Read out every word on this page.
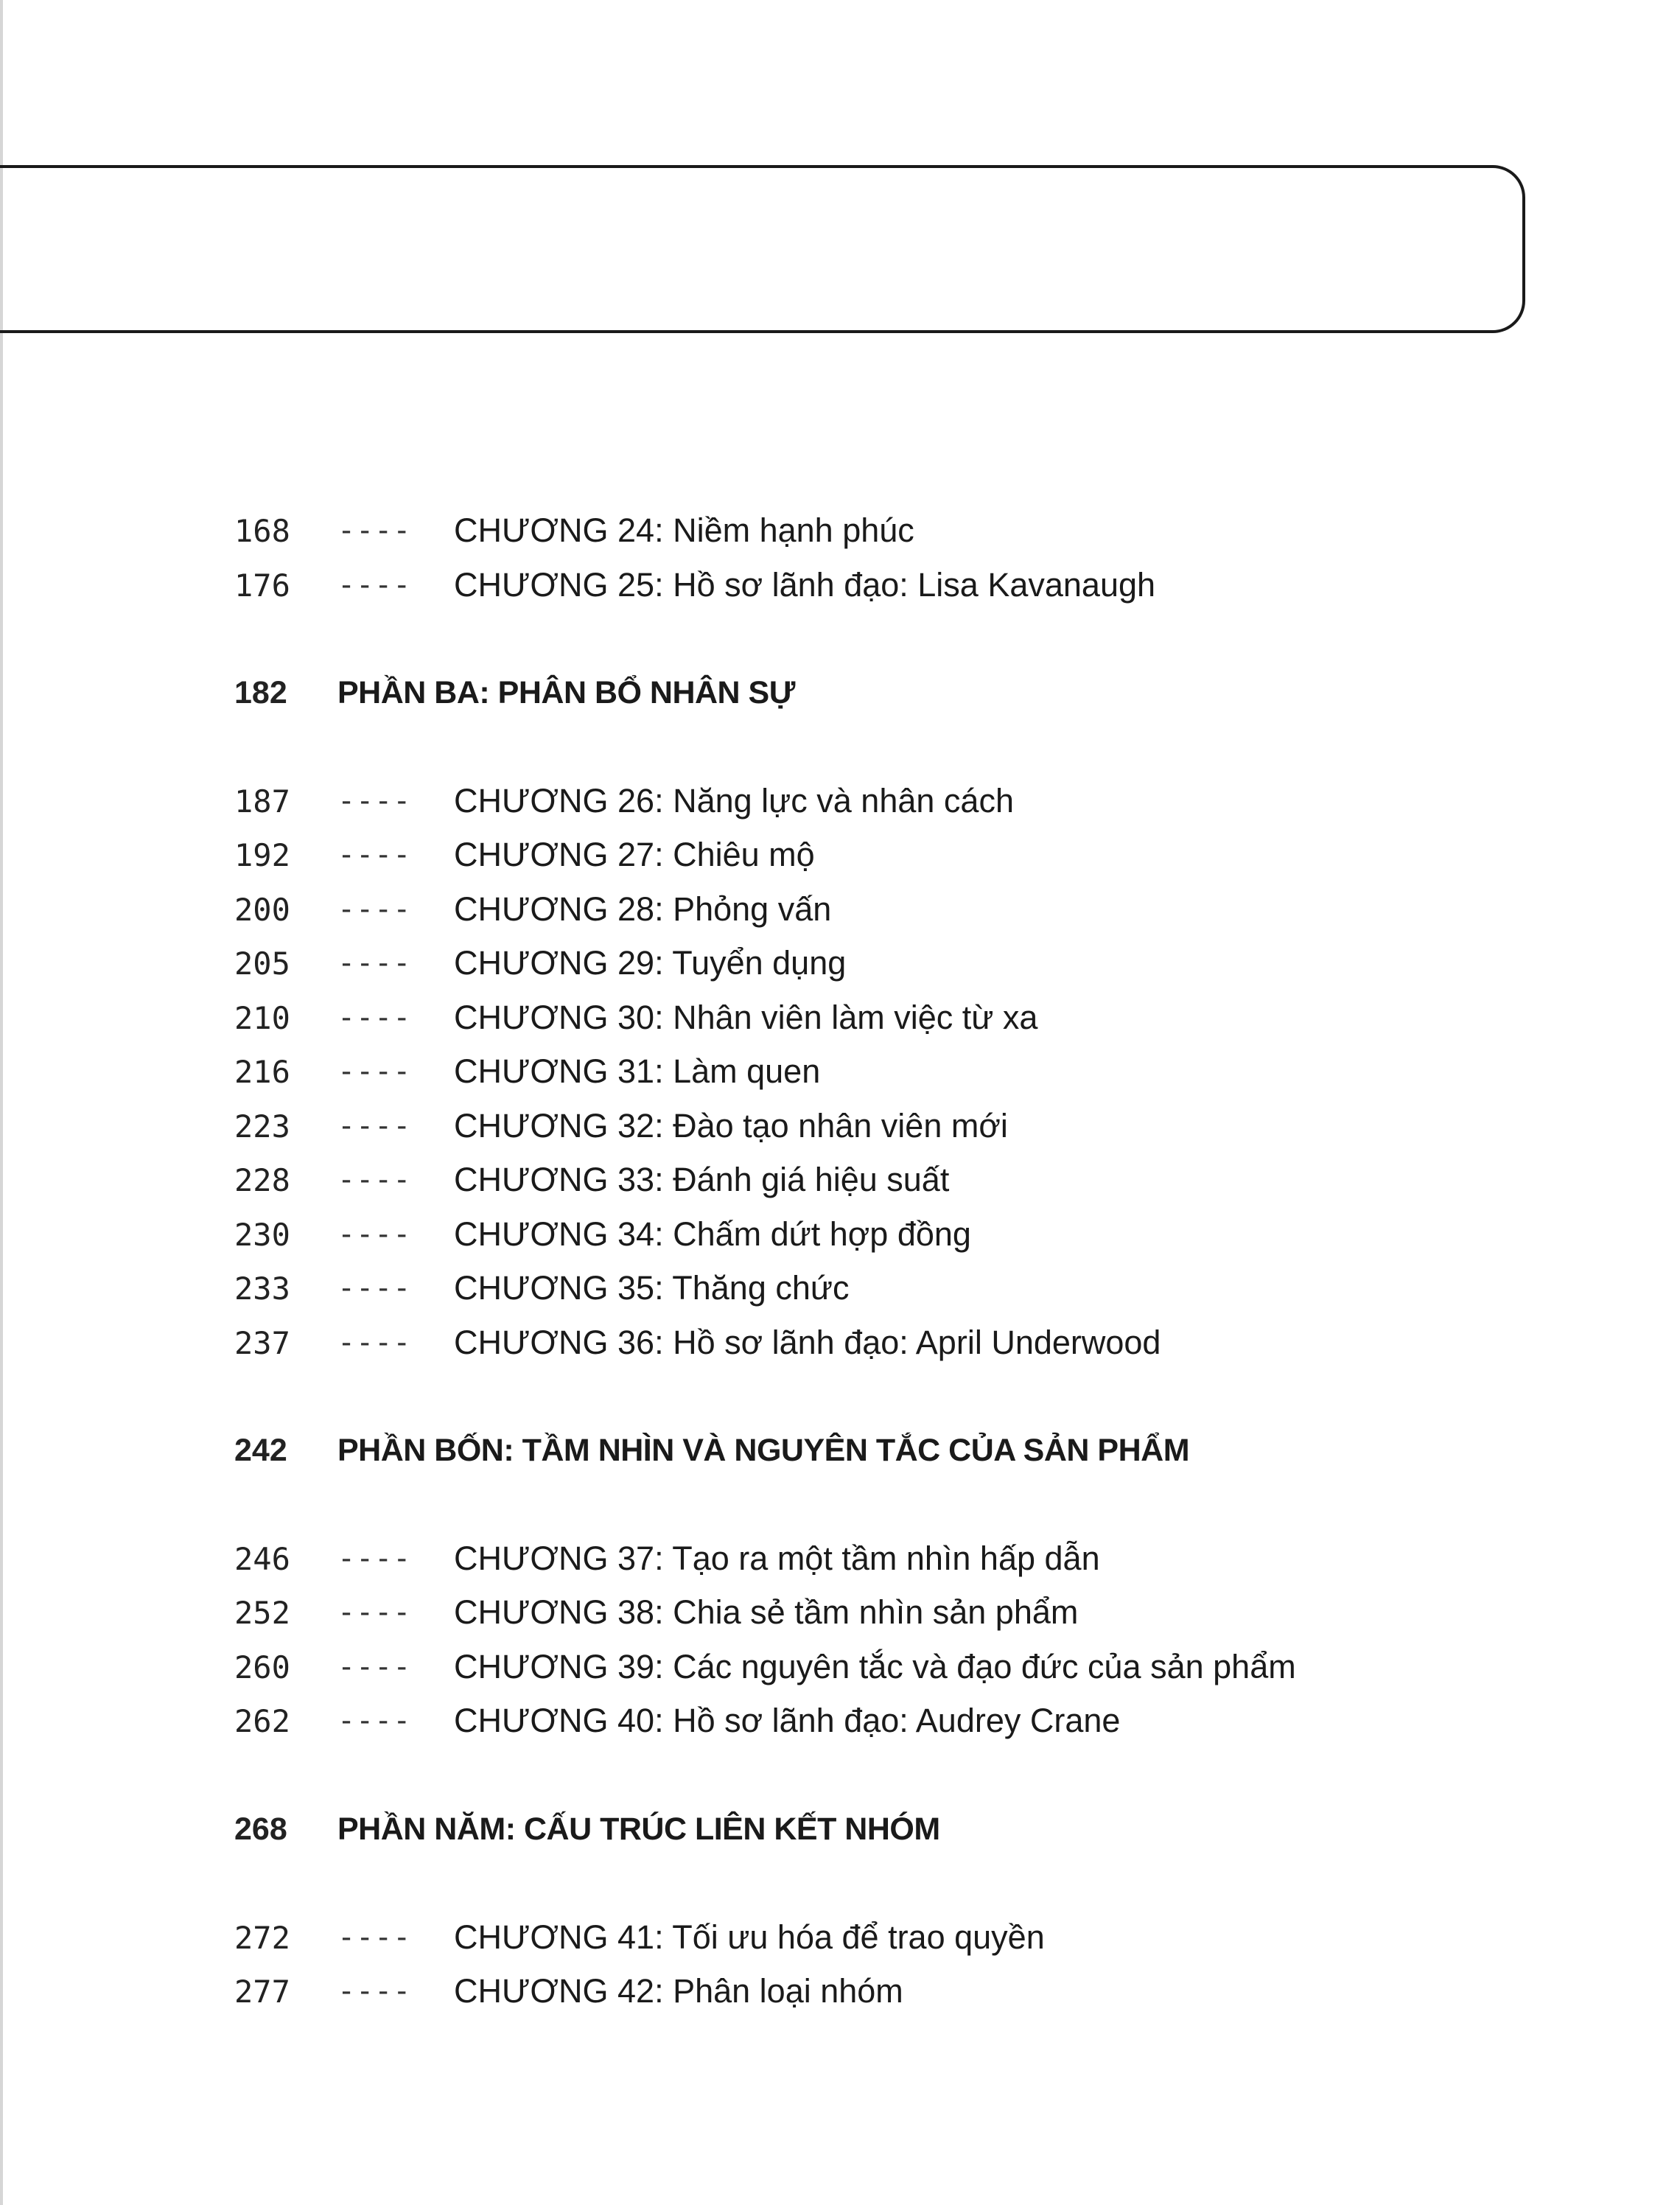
168	----	CHƯƠNG 24: Niềm hạnh phúc
176	----	CHƯƠNG 25: Hồ sơ lãnh đạo: Lisa Kavanaugh
182	PHẦN BA: PHÂN BỔ NHÂN SỰ
187	----	CHƯƠNG 26: Năng lực và nhân cách
192	----	CHƯƠNG 27: Chiêu mộ
200	----	CHƯƠNG 28: Phỏng vấn
205	----	CHƯƠNG 29: Tuyển dụng
210	----	CHƯƠNG 30: Nhân viên làm việc từ xa
216	----	CHƯƠNG 31: Làm quen
223	----	CHƯƠNG 32: Đào tạo nhân viên mới
228	----	CHƯƠNG 33: Đánh giá hiệu suất
230	----	CHƯƠNG 34: Chấm dứt hợp đồng
233	----	CHƯƠNG 35: Thăng chức
237	----	CHƯƠNG 36: Hồ sơ lãnh đạo: April Underwood
242	PHẦN BỐN: TẦM NHÌN VÀ NGUYÊN TẮC CỦA SẢN PHẨM
246	----	CHƯƠNG 37: Tạo ra một tầm nhìn hấp dẫn
252	----	CHƯƠNG 38: Chia sẻ tầm nhìn sản phẩm
260	----	CHƯƠNG 39: Các nguyên tắc và đạo đức của sản phẩm
262	----	CHƯƠNG 40: Hồ sơ lãnh đạo: Audrey Crane
268	PHẦN NĂM: CẤU TRÚC LIÊN KẾT NHÓM
272	----	CHƯƠNG 41: Tối ưu hóa để trao quyền
277	----	CHƯƠNG 42: Phân loại nhóm
